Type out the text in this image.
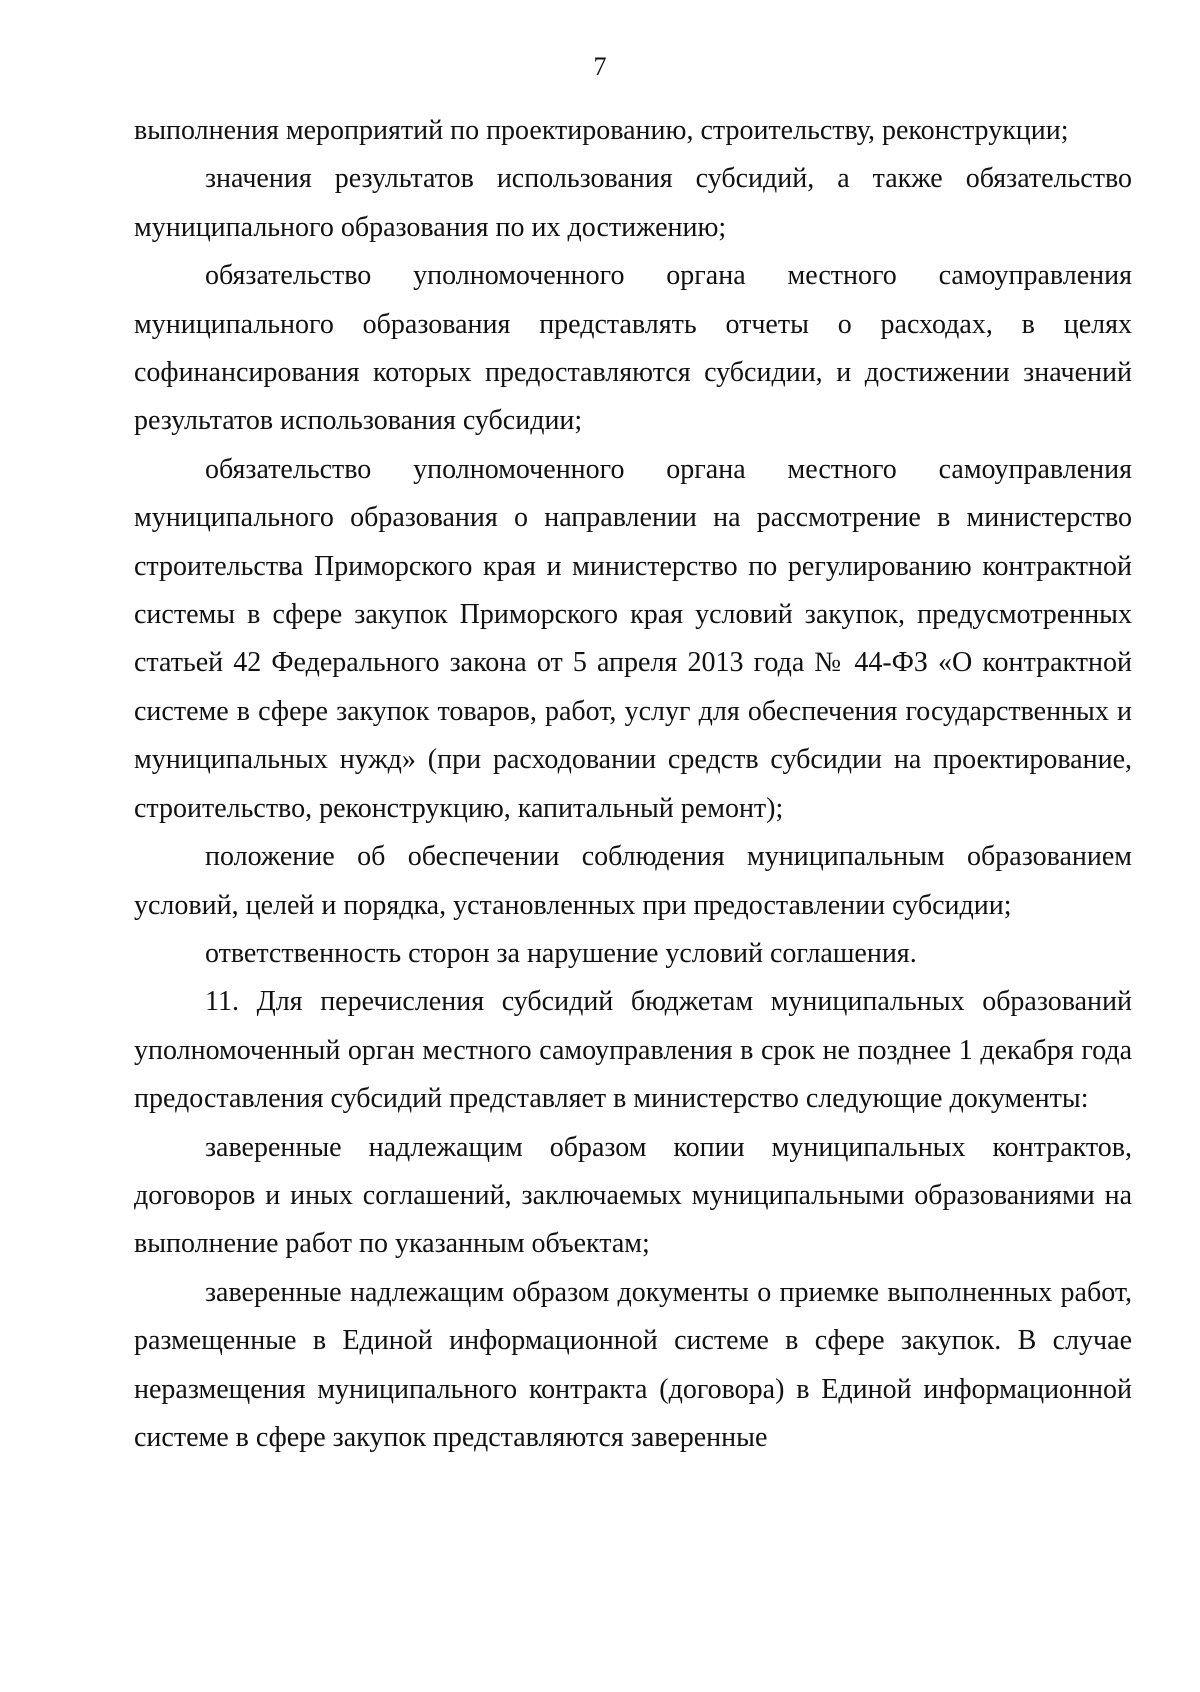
7

выполнения мероприятий по проектированию, строительству, реконструкции;

значения результатов использования субсидий, а также обязательство муниципального образования по их достижению;

обязательство уполномоченного органа местного самоуправления муниципального образования представлять отчеты о расходах, в целях софинансирования которых предоставляются субсидии, и достижении значений результатов использования субсидии;

обязательство уполномоченного органа местного самоуправления муниципального образования о направлении на рассмотрение в министерство строительства Приморского края и министерство по регулированию контрактной системы в сфере закупок Приморского края условий закупок, предусмотренных статьей 42 Федерального закона от 5 апреля 2013 года № 44-ФЗ «О контрактной системе в сфере закупок товаров, работ, услуг для обеспечения государственных и муниципальных нужд» (при расходовании средств субсидии на проектирование, строительство, реконструкцию, капитальный ремонт);

положение об обеспечении соблюдения муниципальным образованием условий, целей и порядка, установленных при предоставлении субсидии;

ответственность сторон за нарушение условий соглашения.

11. Для перечисления субсидий бюджетам муниципальных образований уполномоченный орган местного самоуправления в срок не позднее 1 декабря года предоставления субсидий представляет в министерство следующие документы:

заверенные надлежащим образом копии муниципальных контрактов, договоров и иных соглашений, заключаемых муниципальными образованиями на выполнение работ по указанным объектам;

заверенные надлежащим образом документы о приемке выполненных работ, размещенные в Единой информационной системе в сфере закупок. В случае неразмещения муниципального контракта (договора) в Единой информационной системе в сфере закупок представляются заверенные
